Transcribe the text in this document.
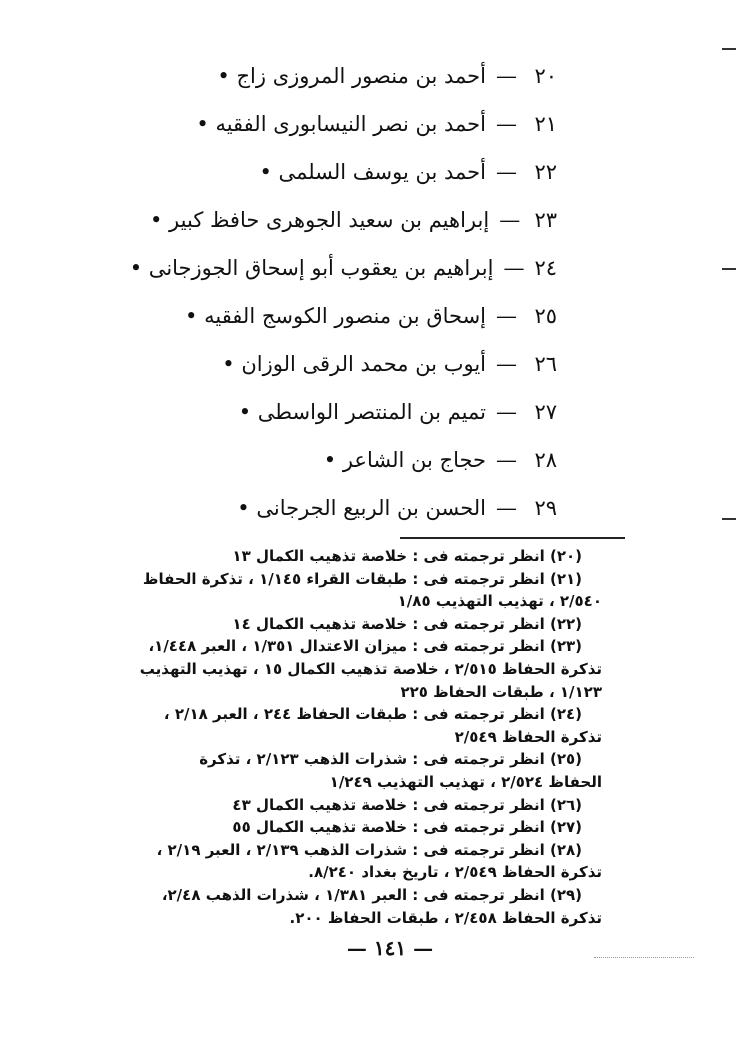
٢٠
—
أحمد بن منصور المروزى زاج •
٢١
—
أحمد بن نصر النيسابورى الفقيه •
٢٢
—
أحمد بن يوسف السلمى •
٢٣
—
إبراهيم بن سعيد الجوهرى حافظ كبير •
٢٤
—
إبراهيم بن يعقوب أبو إسحاق الجوزجانى •
٢٥
—
إسحاق بن منصور الكوسج الفقيه •
٢٦
—
أيوب بن محمد الرقى الوزان •
٢٧
—
تميم بن المنتصر الواسطى •
٢٨
—
حجاج بن الشاعر •
٢٩
—
الحسن بن الربيع الجرجانى •
(٢٠) انظر ترجمته فى : خلاصة تذهيب الكمال ١٣
(٢١) انظر ترجمته فى : طبقات القراء ١/١٤٥ ، تذكرة الحفاظ
٢/٥٤٠ ، تهذيب التهذيب ١/٨٥
(٢٢) انظر ترجمته فى : خلاصة تذهيب الكمال ١٤
(٢٣) انظر ترجمته فى : ميزان الاعتدال ١/٣٥١ ، العبر ١/٤٤٨،
تذكرة الحفاظ ٢/٥١٥ ، خلاصة تذهيب الكمال ١٥ ، تهذيب التهذيب
١/١٢٣ ، طبقات الحفاظ ٢٢٥
(٢٤) انظر ترجمته فى : طبقات الحفاظ ٢٤٤ ، العبر ٢/١٨ ،
تذكرة الحفاظ ٢/٥٤٩
(٢٥) انظر ترجمته فى : شذرات الذهب ٢/١٢٣ ، تذكرة
الحفاظ ٢/٥٢٤ ، تهذيب التهذيب ١/٢٤٩
(٢٦) انظر ترجمته فى : خلاصة تذهيب الكمال ٤٣
(٢٧) انظر ترجمته فى : خلاصة تذهيب الكمال ٥٥
(٢٨) انظر ترجمته فى : شذرات الذهب ٢/١٣٩ ، العبر ٢/١٩ ،
تذكرة الحفاظ ٢/٥٤٩ ، تاريخ بغداد ٨/٢٤٠.
(٢٩) انظر ترجمته فى : العبر ١/٣٨١ ، شذرات الذهب ٢/٤٨،
تذكرة الحفاظ ٢/٤٥٨ ، طبقات الحفاظ ٢٠٠.
— ١٤١ —
